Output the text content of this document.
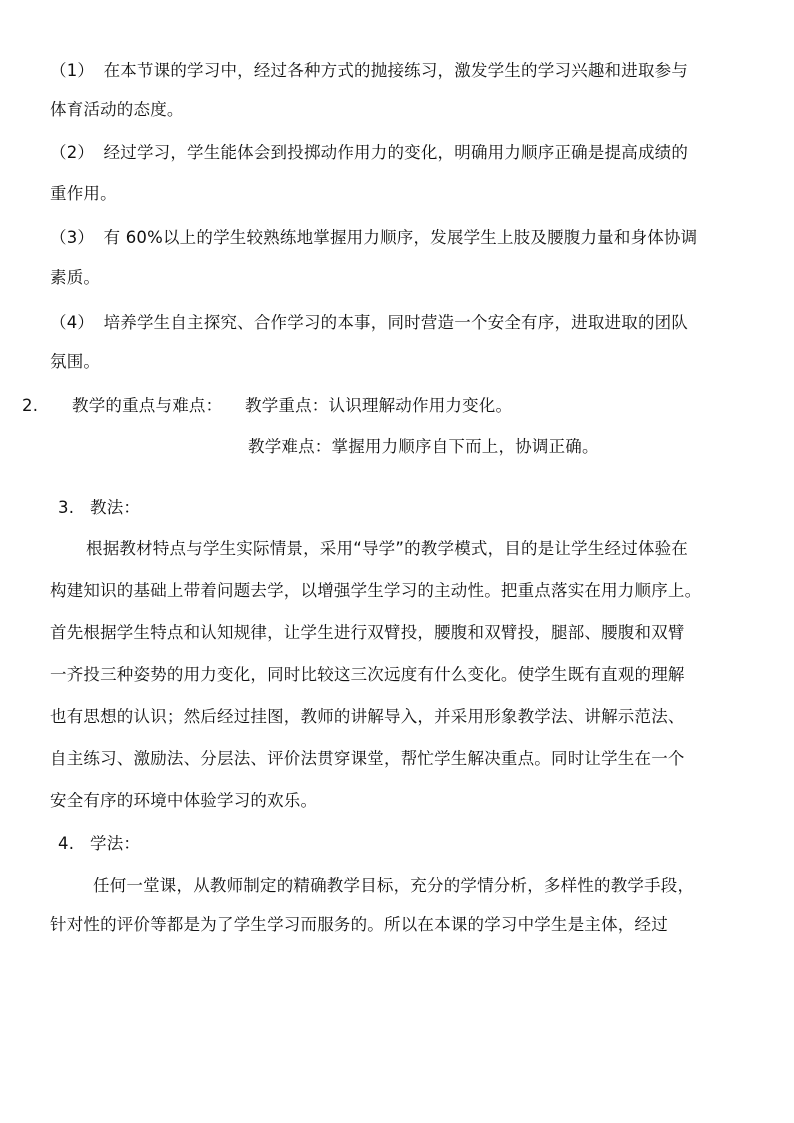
（1） 在本节课的学习中，经过各种方式的抛接练习，激发学生的学习兴趣和进取参与
体育活动的态度。
（2） 经过学习，学生能体会到投掷动作用力的变化，明确用力顺序正确是提高成绩的
重作用。
（3） 有 60%以上的学生较熟练地掌握用力顺序，发展学生上肢及腰腹力量和身体协调
素质。
（4） 培养学生自主探究、合作学习的本事，同时营造一个安全有序，进取进取的团队
氛围。
2. 教学的重点与难点： 教学重点：认识理解动作用力变化。
教学难点：掌握用力顺序自下而上，协调正确。
3. 教法：
根据教材特点与学生实际情景，采用“导学”的教学模式，目的是让学生经过体验在
构建知识的基础上带着问题去学，以增强学生学习的主动性。把重点落实在用力顺序上。
首先根据学生特点和认知规律，让学生进行双臂投，腰腹和双臂投，腿部、腰腹和双臂
一齐投三种姿势的用力变化，同时比较这三次远度有什么变化。使学生既有直观的理解
也有思想的认识；然后经过挂图，教师的讲解导入，并采用形象教学法、讲解示范法、
自主练习、激励法、分层法、评价法贯穿课堂，帮忙学生解决重点。同时让学生在一个
安全有序的环境中体验学习的欢乐。
4. 学法：
任何一堂课，从教师制定的精确教学目标，充分的学情分析，多样性的教学手段，
针对性的评价等都是为了学生学习而服务的。所以在本课的学习中学生是主体，经过
